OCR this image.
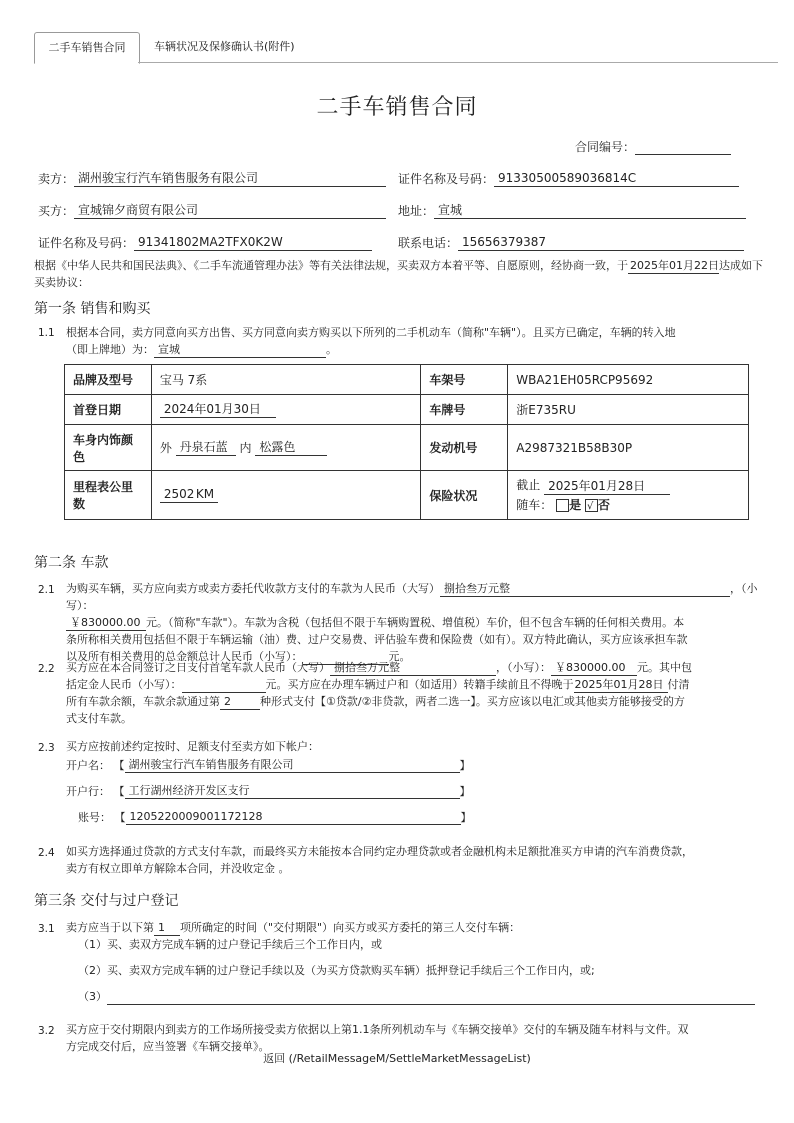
二手车销售合同	车辆状况及保修确认书(附件)
二手车销售合同
合同编号：
卖方： 湖州骏宝行汽车销售服务有限公司	证件名称及号码： 91330500589036814C
买方： 宣城锦夕商贸有限公司	地址： 宣城
证件名称及号码： 91341802MA2TFX0K2W	联系电话： 15656379387
根据《中华人民共和国民法典》、《二手车流通管理办法》等有关法律法规，买卖双方本着平等、自愿原则，经协商一致，于 2025年01月22日达成如下买卖协议：
第一条 销售和购买
1.1 根据本合同，卖方同意向买方出售、买方同意向卖方购买以下所列的二手机动车（简称"车辆"）。且买方已确定，车辆的转入地
（即上牌地）为： 宣城	。
品牌及型号	宝马 7系	车架号	WBA21EH05RCP95692
首登日期	2024年01月30日	车牌号	浙E735RU
车身内饰颜色	外 丹泉石蓝 内 松露色	发动机号	A2987321B58B30P
里程表公里数	2502KM	保险状况	截止 2025年01月28日
随车： 是 √ 否
第二条 车款
2.1 为购买车辆，买方应向卖方或卖方委托代收款方支付的车款为人民币（大写） 捌拾叁万元整	，（小写）：
￥830000.00 元。（简称"车款"）。车款为含税（包括但不限于车辆购置税、增值税）车价，但不包含车辆的任何相关费用。本
条所称相关费用包括但不限于车辆运输（油）费、过户交易费、评估验车费和保险费（如有）。双方特此确认，买方应该承担车款
以及所有相关费用的总金额总计人民币（小写）：	元。
2.2 买方应在本合同签订之日支付首笔车款人民币（大写） 捌拾叁万元整	，（小写）： ￥830000.00 元。其中包
括定金人民币（小写）：	元。买方应在办理车辆过户和（如适用）转籍手续前且不得晚于2025年01月28日 付清
所有车款余额，车款余款通过第 2	种形式支付【①贷款/②非贷款，两者二选一】。买方应该以电汇或其他卖方能够接受的方
式支付车款。
2.3 买方应按前述约定按时、足额支付至卖方如下帐户：
开户名： 【 湖州骏宝行汽车销售服务有限公司	】
开户行： 【 工行湖州经济开发区支行	】
账号： 【 1205220009001172128	】
2.4 如买方选择通过贷款的方式支付车款，而最终买方未能按本合同约定办理贷款或者金融机构未足额批准买方申请的汽车消费贷款，
卖方有权立即单方解除本合同，并没收定金 。
第三条 交付与过户登记
3.1 卖方应当于以下第 1 项所确定的时间（"交付期限"）向买方或买方委托的第三人交付车辆：
（1）买、卖双方完成车辆的过户登记手续后三个工作日内，或
（2）买、卖双方完成车辆的过户登记手续以及（为买方贷款购买车辆）抵押登记手续后三个工作日内，或;
（3）
3.2 买方应于交付期限内到卖方的工作场所接受卖方依据以上第1.1条所列机动车与《车辆交接单》交付的车辆及随车材料与文件。双
方完成交付后，应当签署《车辆交接单》。
返回 (/RetailMessageM/SettleMarketMessageList)
